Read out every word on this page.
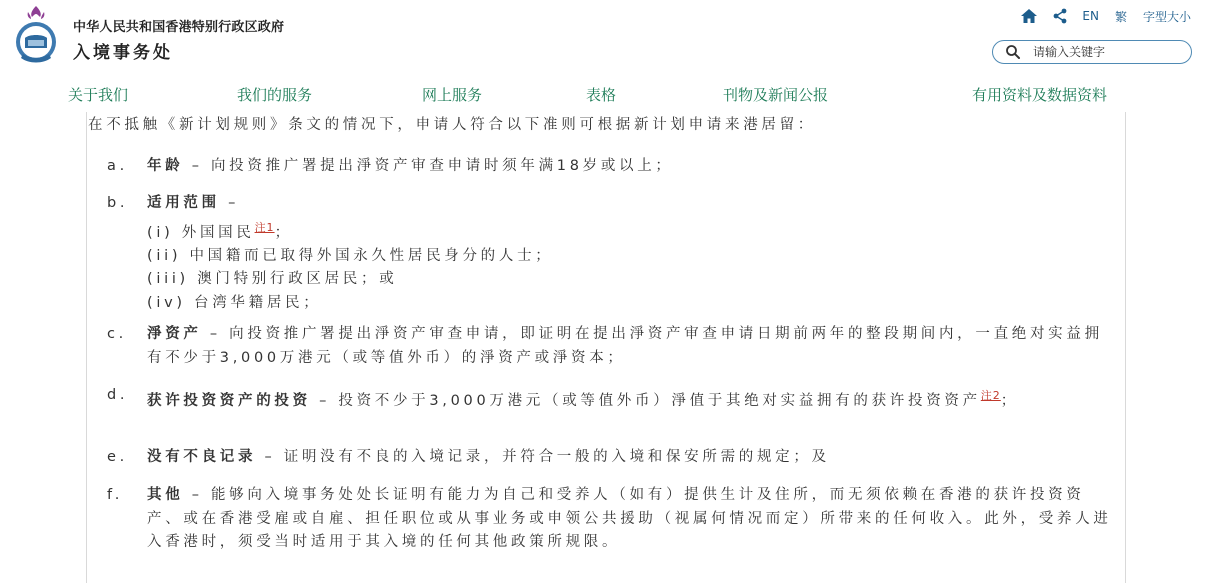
中华人民共和国香港特别行政区政府
入境事务处
EN 繁 字型大小
请输入关键字
关于我们	我们的服务	网上服务	表格	刊物及新闻公报	有用资料及数据资料
在不抵触《新计划规则》条文的情况下，申请人符合以下准则可根据新计划申请来港居留：
a.	年龄 – 向投资推广署提出淨资产审查申请时须年满18岁或以上；
b.	适用范围 –
(i) 外国国民$^{注1}$；
(ii) 中国籍而已取得外国永久性居民身分的人士；
(iii) 澳门特别行政区居民；或
(iv) 台湾华籍居民；
c.	淨资产 – 向投资推广署提出淨资产审查申请，即证明在提出淨资产审查申请日期前两年的整段期间内，一直绝对实益拥有不少于3,000万港元（或等值外币）的淨资产或淨资本；
d.	获许投资资产的投资 – 投资不少于3,000万港元（或等值外币）淨值于其绝对实益拥有的获许投资资产$^{注2}$；
e.	没有不良记录 – 证明没有不良的入境记录，并符合一般的入境和保安所需的规定；及
f.	其他 – 能够向入境事务处处长证明有能力为自己和受养人（如有）提供生计及住所，而无须依赖在香港的获许投资资产、或在香港受雇或自雇、担任职位或从事业务或申领公共援助（视属何情况而定）所带来的任何收入。此外，受养人进入香港时，须受当时适用于其入境的任何其他政策所规限。
